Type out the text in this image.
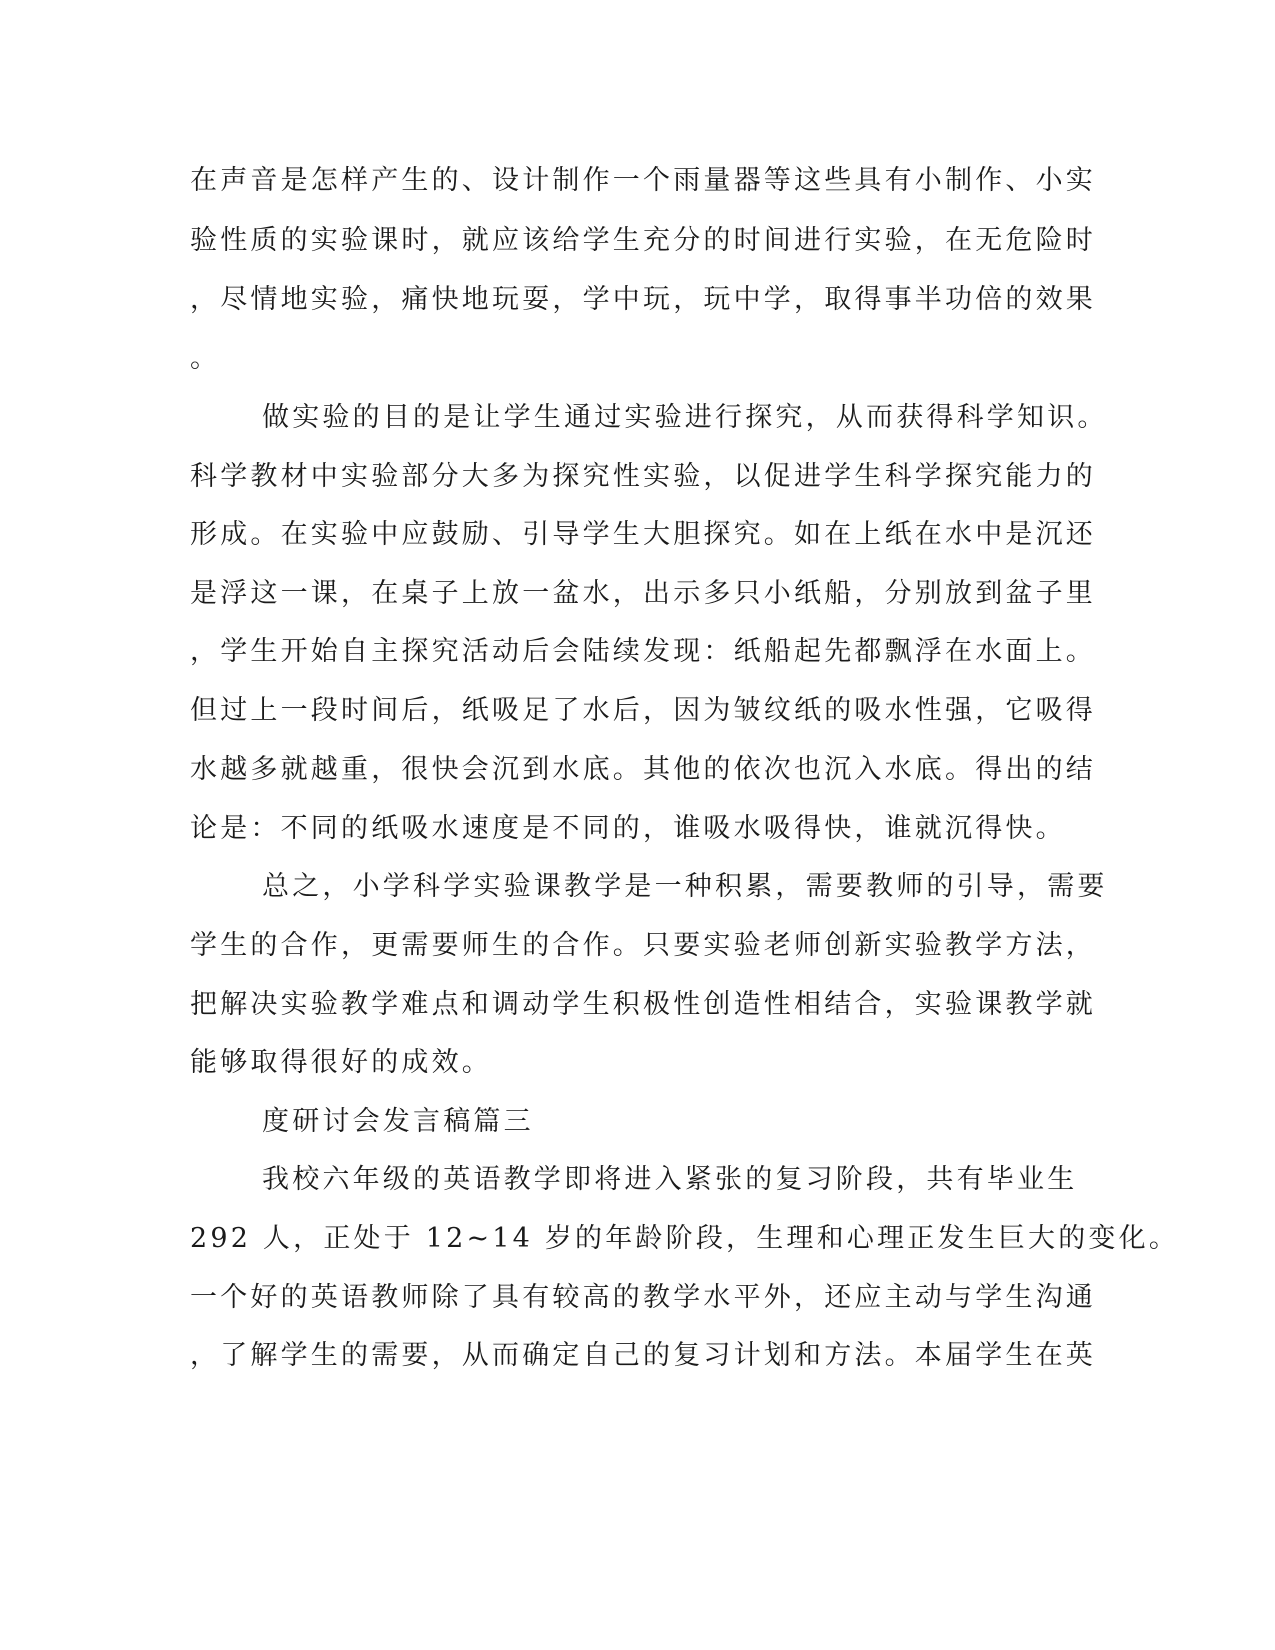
在声音是怎样产生的、设计制作一个雨量器等这些具有小制作、小实
验性质的实验课时，就应该给学生充分的时间进行实验，在无危险时
，尽情地实验，痛快地玩耍，学中玩，玩中学，取得事半功倍的效果
。
做实验的目的是让学生通过实验进行探究，从而获得科学知识。
科学教材中实验部分大多为探究性实验，以促进学生科学探究能力的
形成。在实验中应鼓励、引导学生大胆探究。如在上纸在水中是沉还
是浮这一课，在桌子上放一盆水，出示多只小纸船，分别放到盆子里
，学生开始自主探究活动后会陆续发现：纸船起先都飘浮在水面上。
但过上一段时间后，纸吸足了水后，因为皱纹纸的吸水性强，它吸得
水越多就越重，很快会沉到水底。其他的依次也沉入水底。得出的结
论是：不同的纸吸水速度是不同的，谁吸水吸得快，谁就沉得快。
总之，小学科学实验课教学是一种积累，需要教师的引导，需要
学生的合作，更需要师生的合作。只要实验老师创新实验教学方法，
把解决实验教学难点和调动学生积极性创造性相结合，实验课教学就
能够取得很好的成效。
度研讨会发言稿篇三
我校六年级的英语教学即将进入紧张的复习阶段，共有毕业生
292 人，正处于 12~14 岁的年龄阶段，生理和心理正发生巨大的变化。
一个好的英语教师除了具有较高的教学水平外，还应主动与学生沟通
，了解学生的需要，从而确定自己的复习计划和方法。本届学生在英
